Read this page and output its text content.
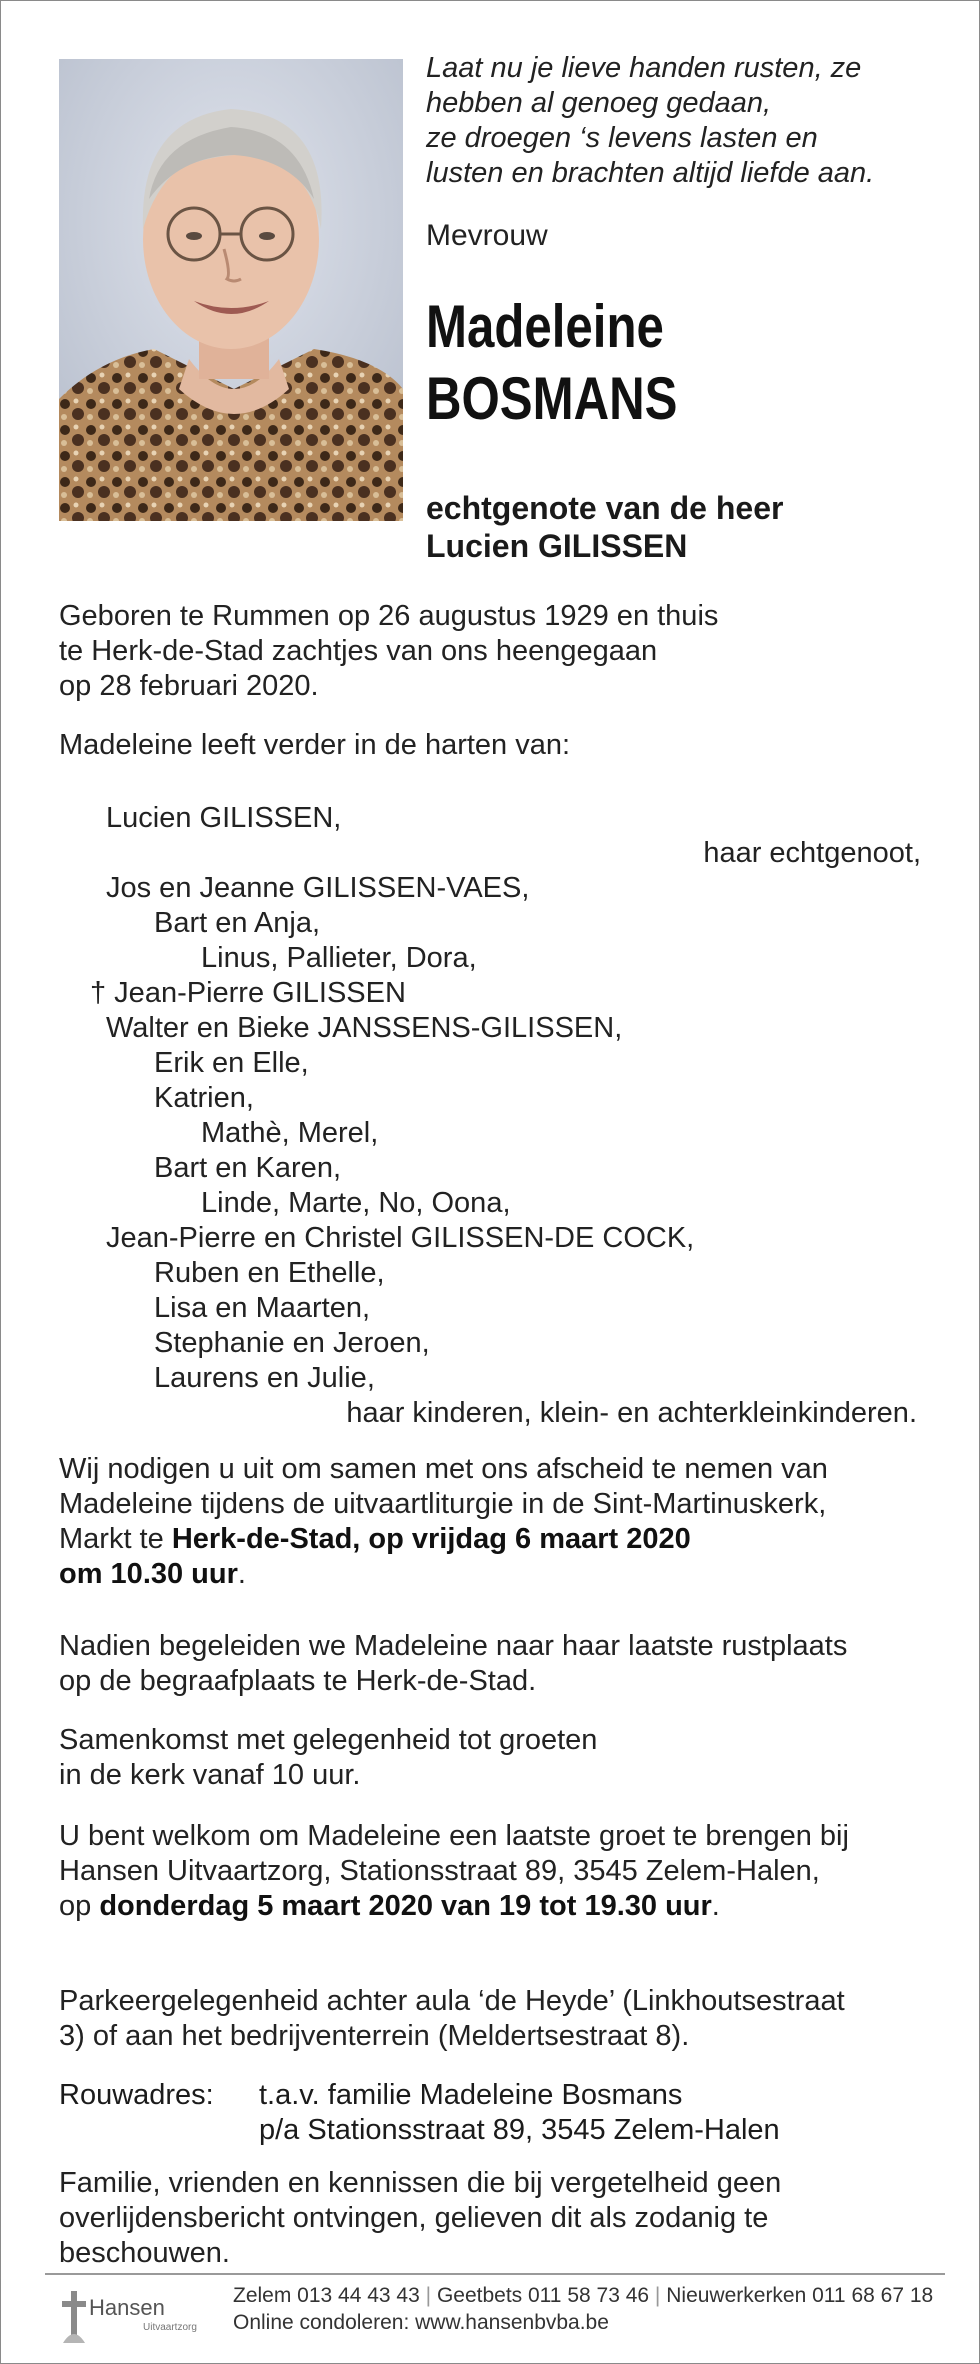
Laat nu je lieve handen rusten, ze
hebben al genoeg gedaan,
ze droegen ‘s levens lasten en
lusten en brachten altijd liefde aan.
Mevrouw
Madeleine
BOSMANS
echtgenote van de heer
Lucien GILISSEN
Geboren te Rummen op 26 augustus 1929 en thuis
te Herk-de-Stad zachtjes van ons heengegaan
op 28 februari 2020.
Madeleine leeft verder in de harten van:
Lucien GILISSEN,
haar echtgenoot,
Jos en Jeanne GILISSEN-VAES,
Bart en Anja,
Linus, Pallieter, Dora,
† Jean-Pierre GILISSEN
Walter en Bieke JANSSENS-GILISSEN,
Erik en Elle,
Katrien,
Mathè, Merel,
Bart en Karen,
Linde, Marte, No, Oona,
Jean-Pierre en Christel GILISSEN-DE COCK,
Ruben en Ethelle,
Lisa en Maarten,
Stephanie en Jeroen,
Laurens en Julie,
haar kinderen, klein- en achterkleinkinderen.
Wij nodigen u uit om samen met ons afscheid te nemen van
Madeleine tijdens de uitvaartliturgie in de Sint-Martinuskerk,
Markt te Herk-de-Stad, op vrijdag 6 maart 2020
om 10.30 uur.
Nadien begeleiden we Madeleine naar haar laatste rustplaats
op de begraafplaats te Herk-de-Stad.
Samenkomst met gelegenheid tot groeten
in de kerk vanaf 10 uur.
U bent welkom om Madeleine een laatste groet te brengen bij
Hansen Uitvaartzorg, Stationsstraat 89, 3545 Zelem-Halen,
op donderdag 5 maart 2020 van 19 tot 19.30 uur.
Parkeergelegenheid achter aula ‘de Heyde’ (Linkhoutsestraat
3) of aan het bedrijventerrein (Meldertsestraat 8).
Rouwadres: t.a.v. familie Madeleine Bosmans
p/a Stationsstraat 89, 3545 Zelem-Halen
Familie, vrienden en kennissen die bij vergetelheid geen
overlijdensbericht ontvingen, gelieven dit als zodanig te
beschouwen.
Hansen
Uitvaartzorg
Zelem 013 44 43 43 | Geetbets 011 58 73 46 | Nieuwerkerken 011 68 67 18
Online condoleren: www.hansenbvba.be
